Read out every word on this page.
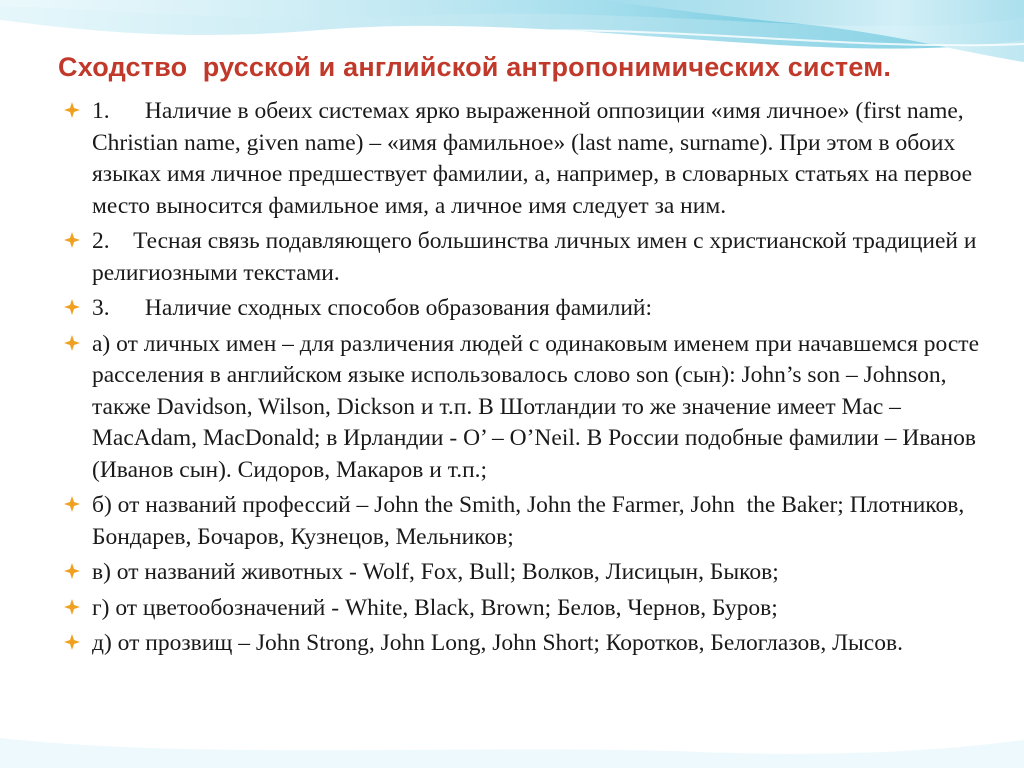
Сходство  русской и английской антропонимических систем.
1.      Наличие в обеих системах ярко выраженной оппозиции «имя личное» (first name, Christian name, given name) – «имя фамильное» (last name, surname). При этом в обоих языках имя личное предшествует фамилии, а, например, в словарных статьях на первое место выносится фамильное имя, а личное имя следует за ним.
2.    Тесная связь подавляющего большинства личных имен с христианской традицией и религиозными текстами.
3.      Наличие сходных способов образования фамилий:
а) от личных имен – для различения людей с одинаковым именем при начавшемся росте расселения в английском языке использовалось слово son (сын): John’s son – Johnson, также Davidson, Wilson, Dickson и т.п. В Шотландии то же значение имеет Mac – MacAdam, MacDonald; в Ирландии - O’ – O’Neil. В России подобные фамилии – Иванов (Иванов сын). Сидоров, Макаров и т.п.;
б) от названий профессий – John the Smith, John the Farmer, John  the Baker; Плотников, Бондарев, Бочаров, Кузнецов, Мельников;
в) от названий животных - Wolf, Fox, Bull; Волков, Лисицын, Быков;
г) от цветообозначений - White, Black, Brown; Белов, Чернов, Буров;
д) от прозвищ – John Strong, John Long, John Short; Коротков, Белоглазов, Лысов.
